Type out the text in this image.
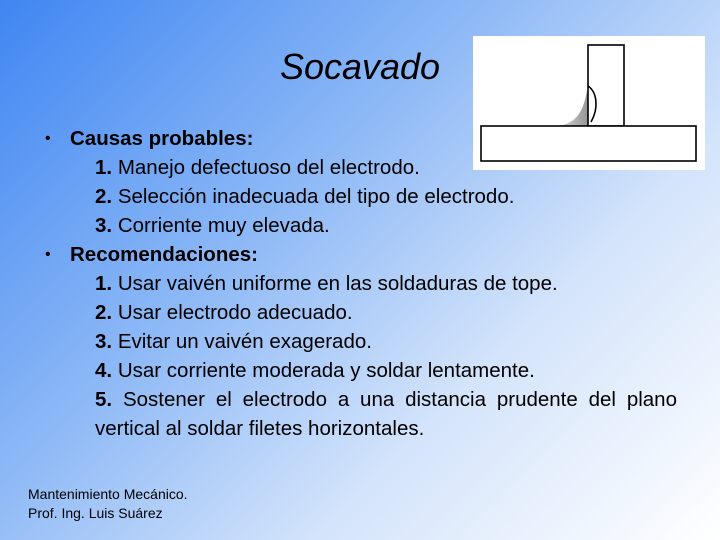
Socavado
• Causas probables:
1. Manejo defectuoso del electrodo.
2. Selección inadecuada del tipo de electrodo.
3. Corriente muy elevada.
• Recomendaciones:
1. Usar vaivén uniforme en las soldaduras de tope.
2. Usar electrodo adecuado.
3. Evitar un vaivén exagerado.
4. Usar corriente moderada y soldar lentamente.
5. Sostener el electrodo a una distancia prudente del plano vertical al soldar filetes horizontales.
Mantenimiento Mecánico.
Prof. Ing. Luis Suárez
